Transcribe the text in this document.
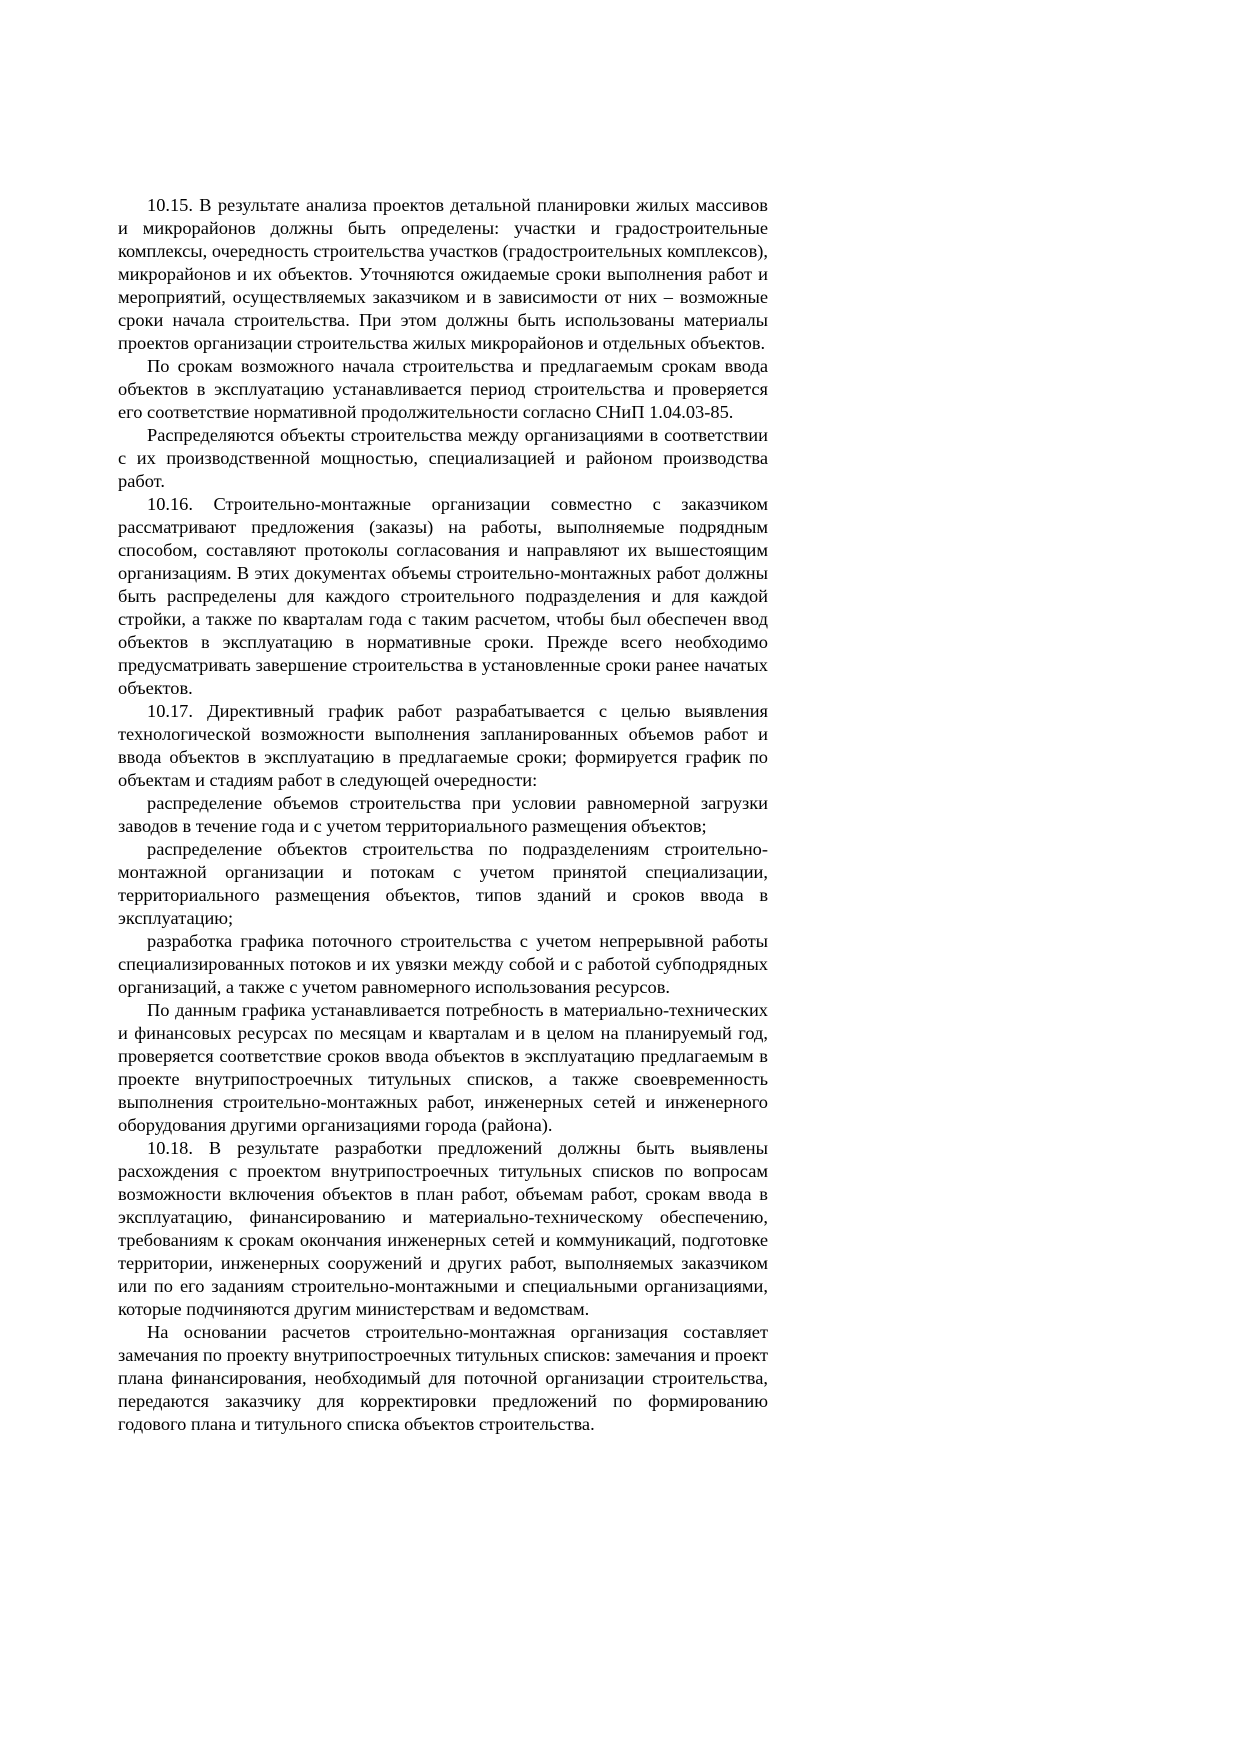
10.15. В результате анализа проектов детальной планировки жилых массивов и микрорайонов должны быть определены: участки и градостроительные комплексы, очередность строительства участков (градостроительных комплексов), микрорайонов и их объектов. Уточняются ожидаемые сроки выполнения работ и мероприятий, осуществляемых заказчиком и в зависимости от них – возможные сроки начала строительства. При этом должны быть использованы материалы проектов организации строительства жилых микрорайонов и отдельных объектов.

По срокам возможного начала строительства и предлагаемым срокам ввода объектов в эксплуатацию устанавливается период строительства и проверяется его соответствие нормативной продолжительности согласно СНиП 1.04.03-85.

Распределяются объекты строительства между организациями в соответствии с их производственной мощностью, специализацией и районом производства работ.

10.16. Строительно-монтажные организации совместно с заказчиком рассматривают предложения (заказы) на работы, выполняемые подрядным способом, составляют протоколы согласования и направляют их вышестоящим организациям. В этих документах объемы строительно-монтажных работ должны быть распределены для каждого строительного подразделения и для каждой стройки, а также по кварталам года с таким расчетом, чтобы был обеспечен ввод объектов в эксплуатацию в нормативные сроки. Прежде всего необходимо предусматривать завершение строительства в установленные сроки ранее начатых объектов.

10.17. Директивный график работ разрабатывается с целью выявления технологической возможности выполнения запланированных объемов работ и ввода объектов в эксплуатацию в предлагаемые сроки; формируется график по объектам и стадиям работ в следующей очередности:

распределение объемов строительства при условии равномерной загрузки заводов в течение года и с учетом территориального размещения объектов;

распределение объектов строительства по подразделениям строительно-монтажной организации и потокам с учетом принятой специализации, территориального размещения объектов, типов зданий и сроков ввода в эксплуатацию;

разработка графика поточного строительства с учетом непрерывной работы специализированных потоков и их увязки между собой и с работой субподрядных организаций, а также с учетом равномерного использования ресурсов.

По данным графика устанавливается потребность в материально-технических и финансовых ресурсах по месяцам и кварталам и в целом на планируемый год, проверяется соответствие сроков ввода объектов в эксплуатацию предлагаемым в проекте внутрипостроечных титульных списков, а также своевременность выполнения строительно-монтажных работ, инженерных сетей и инженерного оборудования другими организациями города (района).

10.18. В результате разработки предложений должны быть выявлены расхождения с проектом внутрипостроечных титульных списков по вопросам возможности включения объектов в план работ, объемам работ, срокам ввода в эксплуатацию, финансированию и материально-техническому обеспечению, требованиям к срокам окончания инженерных сетей и коммуникаций, подготовке территории, инженерных сооружений и других работ, выполняемых заказчиком или по его заданиям строительно-монтажными и специальными организациями, которые подчиняются другим министерствам и ведомствам.

На основании расчетов строительно-монтажная организация составляет замечания по проекту внутрипостроечных титульных списков: замечания и проект плана финансирования, необходимый для поточной организации строительства, передаются заказчику для корректировки предложений по формированию годового плана и титульного списка объектов строительства.
